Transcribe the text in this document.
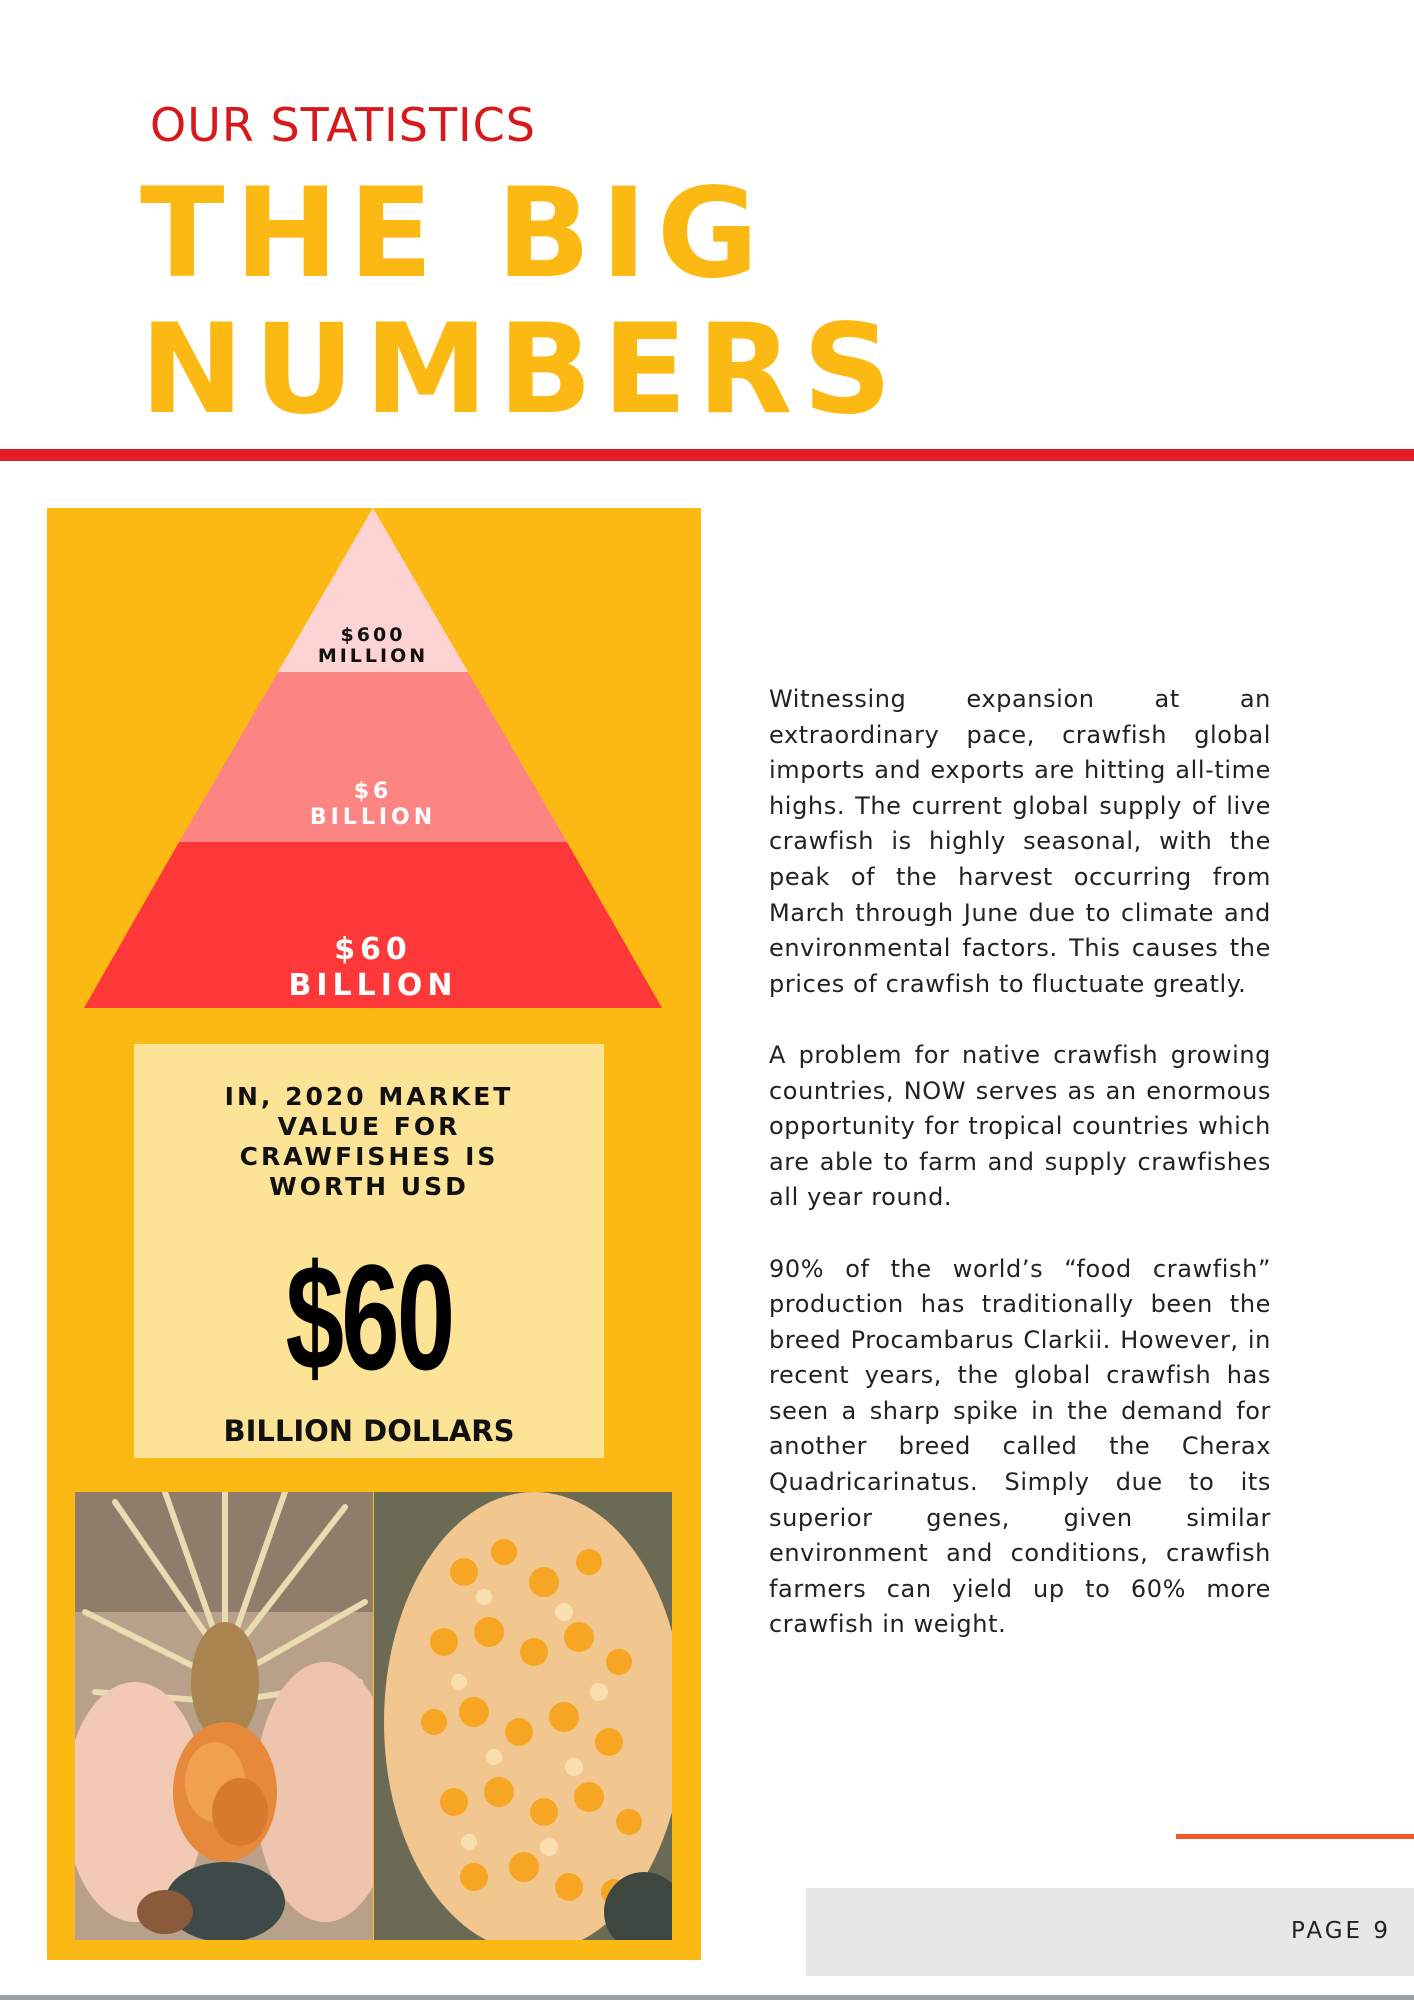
OUR STATISTICS
THE BIG
NUMBERS
$600
MILLION
$6
BILLION
$60
BILLION
IN, 2020 MARKET VALUE FOR CRAWFISHES IS WORTH USD
$60
BILLION DOLLARS

Witnessing expansion at an extraordinary pace, crawfish global imports and exports are hitting all-time highs. The current global supply of live crawfish is highly seasonal, with the peak of the harvest occurring from March through June due to climate and environmental factors. This causes the prices of crawfish to fluctuate greatly.

A problem for native crawfish growing countries, NOW serves as an enormous opportunity for tropical countries which are able to farm and supply crawfishes all year round.

90% of the world’s “food crawfish” production has traditionally been the breed Procambarus Clarkii. However, in recent years, the global crawfish has seen a sharp spike in the demand for another breed called the Cherax Quadricarinatus. Simply due to its superior genes, given similar environment and conditions, crawfish farmers can yield up to 60% more crawfish in weight.

PAGE 9
